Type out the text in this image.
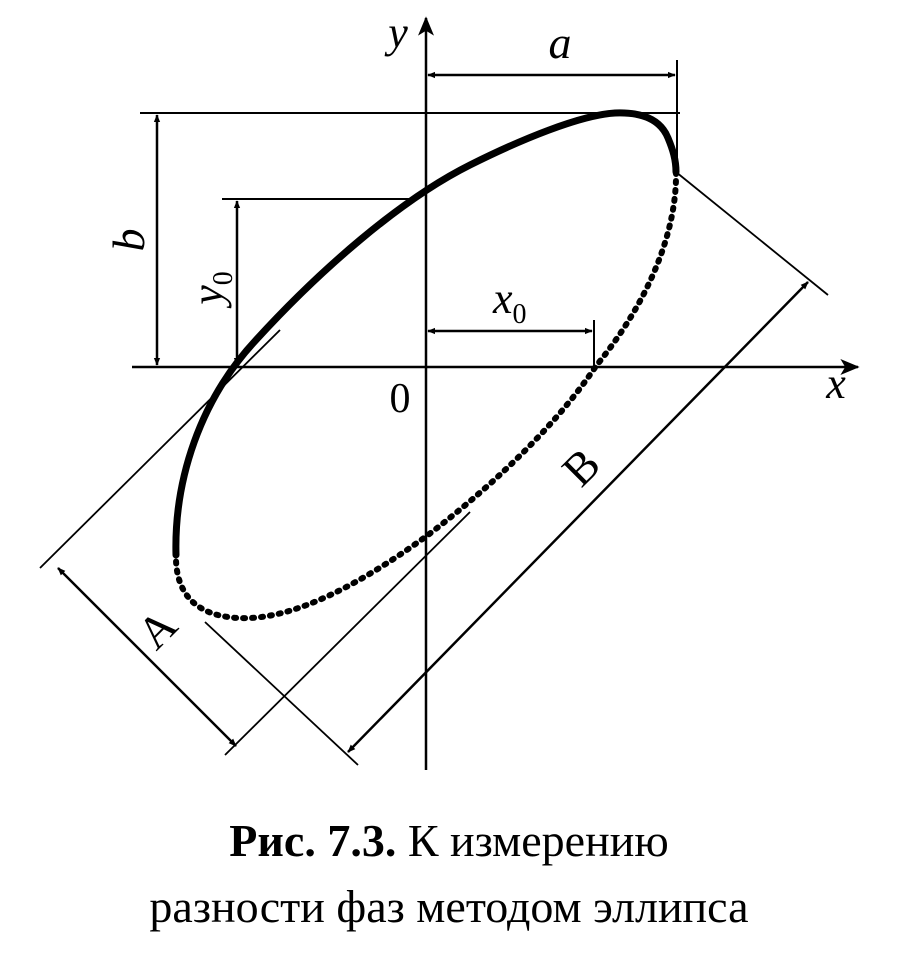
a
b
$y_0$	$x_0$
A
B
y
x
0
Рис. 7.3. К измерению
разности фаз методом эллипса
